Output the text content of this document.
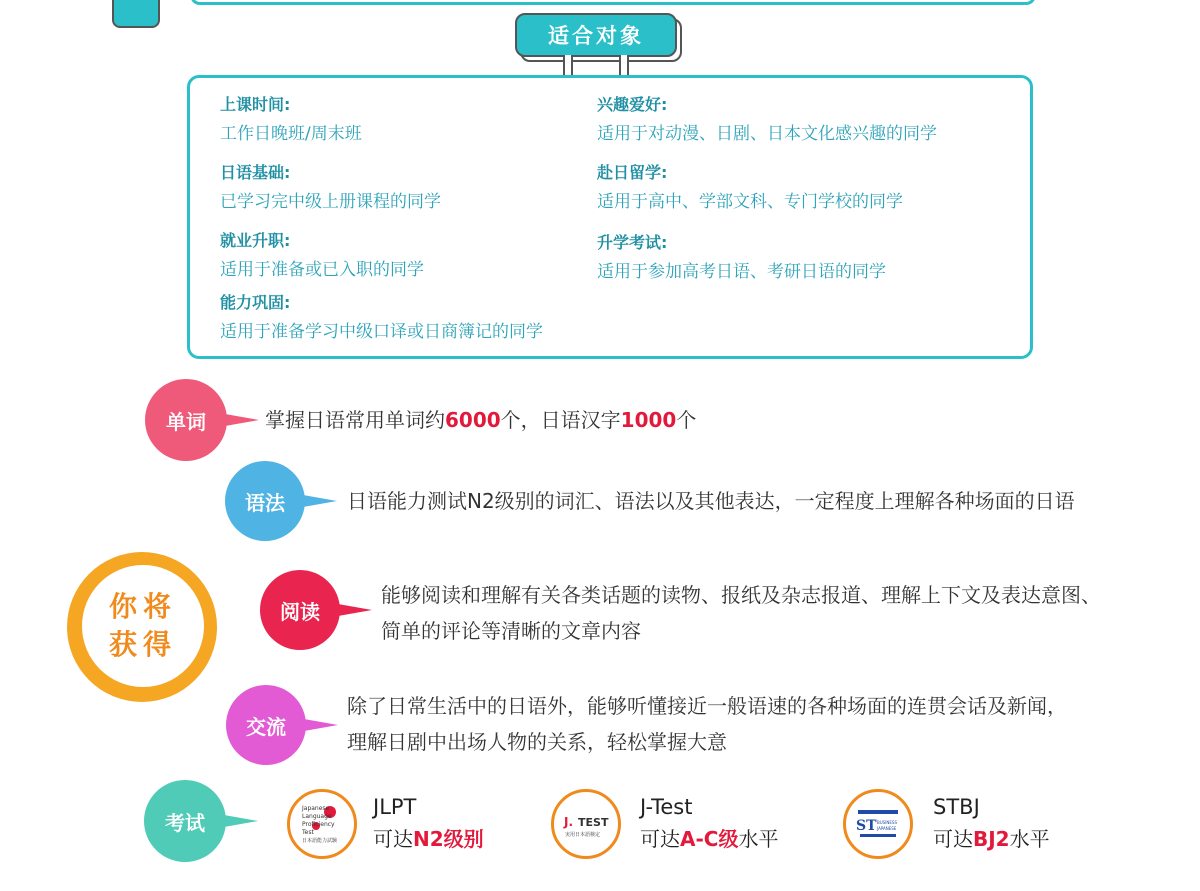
适合对象
上课时间:
工作日晚班/周末班
兴趣爱好:
适用于对动漫、日剧、日本文化感兴趣的同学
日语基础:
已学习完中级上册课程的同学
赴日留学:
适用于高中、学部文科、专门学校的同学
就业升职:
适用于准备或已入职的同学
升学考试:
适用于参加高考日语、考研日语的同学
能力巩固:
适用于准备学习中级口译或日商簿记的同学
单词	掌握日语常用单词约6000个，日语汉字1000个
语法	日语能力测试N2级别的词汇、语法以及其他表达，一定程度上理解各种场面的日语
你将
获得
阅读
能够阅读和理解有关各类话题的读物、报纸及杂志报道、理解上下文及表达意图、
简单的评论等清晰的文章内容
交流
除了日常生活中的日语外，能够听懂接近一般语速的各种场面的连贯会话及新闻，
理解日剧中出场人物的关系，轻松掌握大意
考试
Japanese
Language
Proficiency
Test
日本語能力試験
JLPT
可达N2级别
J. TEST
実用日本語検定
J-Test
可达A-C级水平
ST BUSINESS
JAPANESE
STBJ
可达BJ2水平
